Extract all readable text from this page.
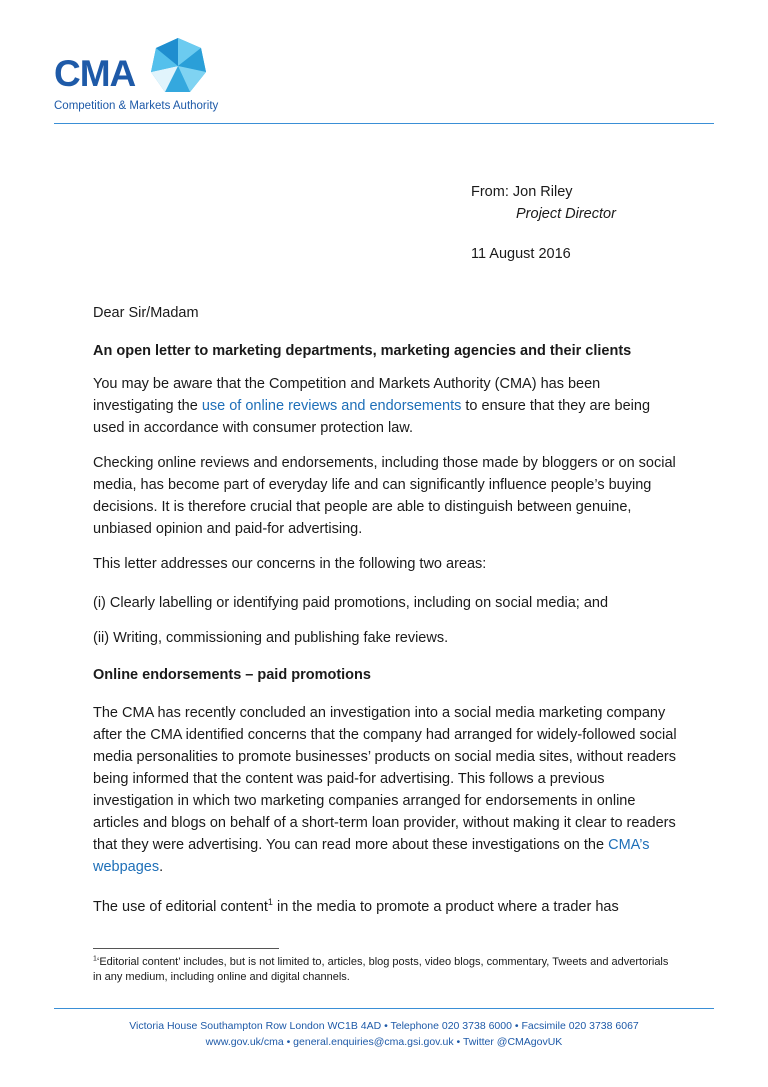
CMA
Competition & Markets Authority
From: Jon Riley
Project Director
11 August 2016
Dear Sir/Madam
An open letter to marketing departments, marketing agencies and their clients
You may be aware that the Competition and Markets Authority (CMA) has been investigating the use of online reviews and endorsements to ensure that they are being used in accordance with consumer protection law.
Checking online reviews and endorsements, including those made by bloggers or on social media, has become part of everyday life and can significantly influence people’s buying decisions. It is therefore crucial that people are able to distinguish between genuine, unbiased opinion and paid-for advertising.
This letter addresses our concerns in the following two areas:
(i) Clearly labelling or identifying paid promotions, including on social media; and
(ii) Writing, commissioning and publishing fake reviews.
Online endorsements – paid promotions
The CMA has recently concluded an investigation into a social media marketing company after the CMA identified concerns that the company had arranged for widely-followed social media personalities to promote businesses’ products on social media sites, without readers being informed that the content was paid-for advertising. This follows a previous investigation in which two marketing companies arranged for endorsements in online articles and blogs on behalf of a short-term loan provider, without making it clear to readers that they were advertising. You can read more about these investigations on the CMA’s webpages.
The use of editorial content$^1$ in the media to promote a product where a trader has
$^1$‘Editorial content’ includes, but is not limited to, articles, blog posts, video blogs, commentary, Tweets and advertorials in any medium, including online and digital channels.
Victoria House Southampton Row London WC1B 4AD • Telephone 020 3738 6000 • Facsimile 020 3738 6067
www.gov.uk/cma • general.enquiries@cma.gsi.gov.uk • Twitter @CMAgovUK
